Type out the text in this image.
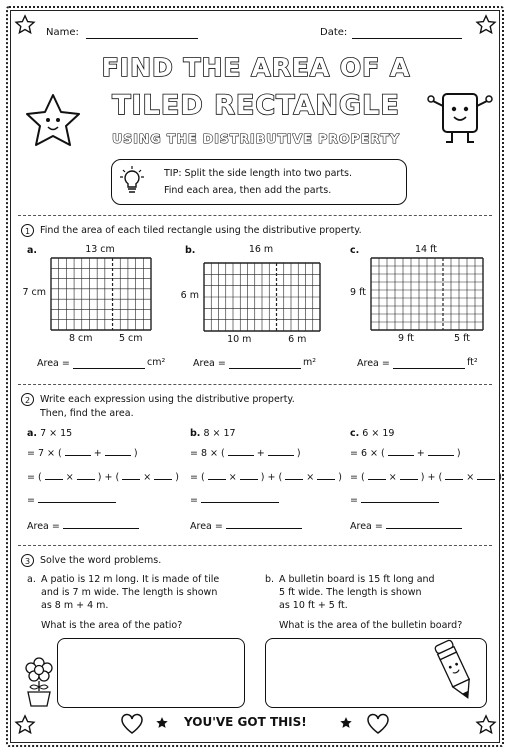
Name:	Date:
FIND THE AREA OF A
TILED RECTANGLE
USING THE DISTRIBUTIVE PROPERTY
TIP: Split the side length into two parts.
Find each area, then add the parts.
1	Find the area of each tiled rectangle using the distributive property.
a.	13 cm
7 cm
8 cm	5 cm
Area =	cm²
b.	16 m
6 m
10 m	6 m
Area =	m²
c.	14 ft
9 ft
9 ft	5 ft
Area =	ft²
2	Write each expression using the distributive property.
Then, find the area.
a. 7 × 15
= 7 × (	+	)
= (  ×  ) + (  ×  )
=
Area =
b. 8 × 17
= 8 × (	+	)
= (  ×  ) + (  ×  )
=
Area =
c. 6 × 19
= 6 × (	+	)
= (  ×  ) + (  ×  )
=
Area =
3	Solve the word problems.
a. A patio is 12 m long. It is made of tile
and is 7 m wide. The length is shown
as 8 m + 4 m.
What is the area of the patio?
b. A bulletin board is 15 ft long and
5 ft wide. The length is shown
as 10 ft + 5 ft.
What is the area of the bulletin board?
YOU'VE GOT THIS!
